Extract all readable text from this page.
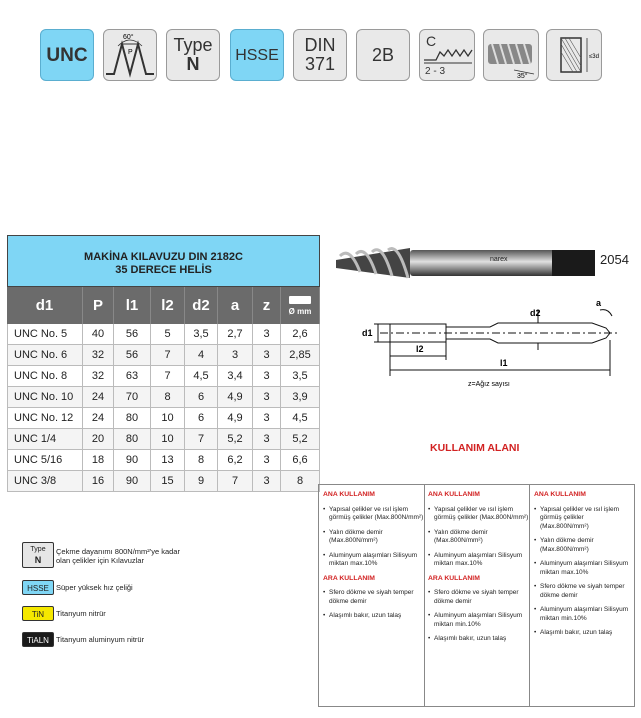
UNC
60°
P Type
N HSSE DIN
371 2B
C
2 - 3	35°
≤3d
MAKİNA KILAVUZU DIN 2182C
35 DERECE HELİS
d1	P	l1	l2	d2	a	z	Ø mm
UNC No. 5	40	56	5	3,5	2,7	3	2,6
UNC No. 6	32	56	7	4	3	3	2,85
UNC No. 8	32	63	7	4,5	3,4	3	3,5
UNC No. 10	24	70	8	6	4,9	3	3,9
UNC No. 12	24	80	10	6	4,9	3	4,5
UNC 1/4	20	80	10	7	5,2	3	5,2
UNC 5/16	18	90	13	8	6,2	3	6,6
UNC 3/8	16	90	15	9	7	3	8
narex	2054
d1
d2
l2
l1
a
z=Ağız sayısı
Type
N
Çekme dayanımı 800N/mm²'ye kadar olan çelikler için Kılavuzlar
HSSE Süper yüksek hız çeliği
TiN	Titanyum nitrür
TiALN Titanyum aluminyum nitrür
KULLANIM ALANI
ANA KULLANIM
• Yapısal çelikler ve ısıl işlem görmüş çelikler (Max.800N/mm²)
• Yalın dökme demir (Max.800N/mm²)
• Aluminyum alaşımları Silisyum miktarı max.10%
ARA KULLANIM
• Sfero dökme ve siyah temper dökme demir
• Alaşımlı bakır, uzun talaş
ANA KULLANIM
• Yapısal çelikler ve ısıl işlem görmüş çelikler (Max.800N/mm²)
• Yalın dökme demir (Max.800N/mm²)
• Aluminyum alaşımları Silisyum miktarı max.10%
ARA KULLANIM
• Sfero dökme ve siyah temper dökme demir
• Aluminyum alaşımları Silisyum miktarı min.10%
• Alaşımlı bakır, uzun talaş
ANA KULLANIM
• Yapısal çelikler ve ısıl işlem görmüş çelikler (Max.800N/mm²)
• Yalın dökme demir (Max.800N/mm²)
• Aluminyum alaşımları Silisyum miktarı max.10%
• Sfero dökme ve siyah temper dökme demir
• Aluminyum alaşımları Silisyum miktarı min.10%
• Alaşımlı bakır, uzun talaş
